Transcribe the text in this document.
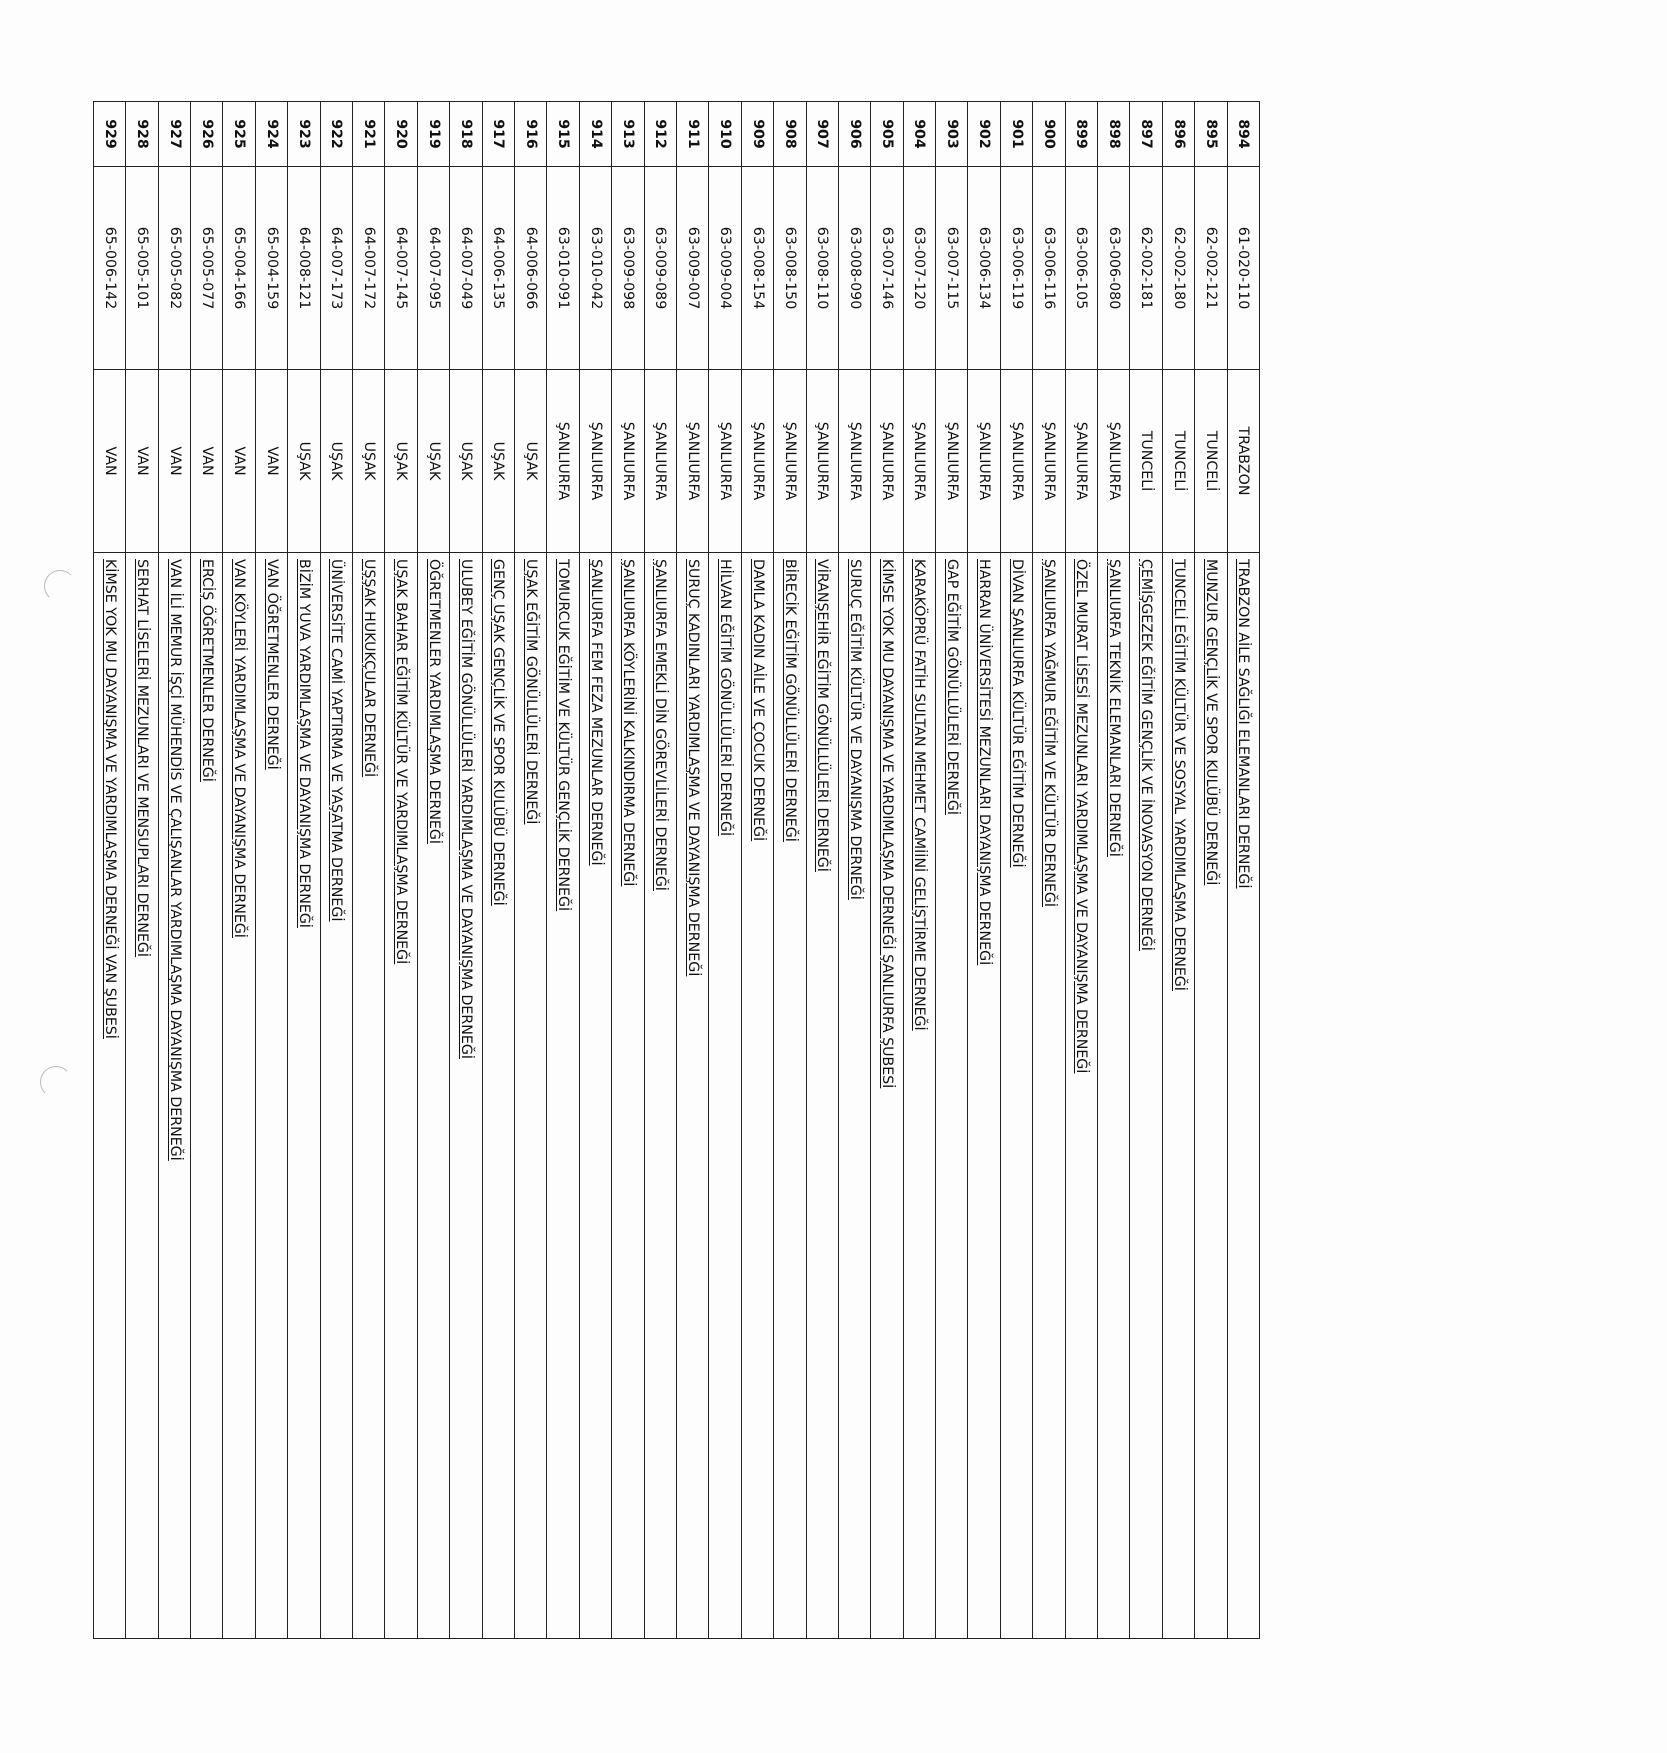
894	61-020-110	TRABZON	TRABZON AİLE SAĞLIĞI ELEMANLARI DERNEĞİ
895	62-002-121	TUNCELİ	MUNZUR GENÇLİK VE SPOR KULÜBÜ DERNEĞİ
896	62-002-180	TUNCELİ	TUNCELİ EĞİTİM KÜLTÜR VE SOSYAL YARDIMLAŞMA DERNEĞİ
897	62-002-181	TUNCELİ	ÇEMİŞGEZEK EĞİTİM GENÇLİK VE İNOVASYON DERNEĞİ
898	63-006-080	ŞANLIURFA	ŞANLIURFA TEKNİK ELEMANLARI DERNEĞİ
899	63-006-105	ŞANLIURFA	ÖZEL MURAT LİSESİ MEZUNLARI YARDIMLAŞMA VE DAYANIŞMA DERNEĞİ
900	63-006-116	ŞANLIURFA	ŞANLIURFA YAĞMUR EĞİTİM VE KÜLTÜR DERNEĞİ
901	63-006-119	ŞANLIURFA	DİVAN ŞANLIURFA KÜLTÜR EĞİTİM DERNEĞİ
902	63-006-134	ŞANLIURFA	HARRAN ÜNİVERSİTESİ MEZUNLARI DAYANIŞMA DERNEĞİ
903	63-007-115	ŞANLIURFA	GAP EĞİTİM GÖNÜLLÜLERİ DERNEĞİ
904	63-007-120	ŞANLIURFA	KARAKÖPRÜ FATİH SULTAN MEHMET CAMİİNİ GELİŞTİRME DERNEĞİ
905	63-007-146	ŞANLIURFA	KİMSE YOK MU DAYANIŞMA VE YARDIMLAŞMA DERNEĞİ ŞANLIURFA ŞUBESİ
906	63-008-090	ŞANLIURFA	SURUÇ EĞİTİM KÜLTÜR VE DAYANIŞMA DERNEĞİ
907	63-008-110	ŞANLIURFA	VİRANŞEHİR EĞİTİM GÖNÜLLÜLERİ DERNEĞİ
908	63-008-150	ŞANLIURFA	BİRECİK EĞİTİM GÖNÜLLÜLERİ DERNEĞİ
909	63-008-154	ŞANLIURFA	DAMLA KADIN AİLE VE ÇOCUK DERNEĞİ
910	63-009-004	ŞANLIURFA	HİLVAN EĞİTİM GÖNÜLLÜLERİ DERNEĞİ
911	63-009-007	ŞANLIURFA	SURUÇ KADINLARI YARDIMLAŞMA VE DAYANIŞMA DERNEĞİ
912	63-009-089	ŞANLIURFA	ŞANLIURFA EMEKLİ DİN GÖREVLİLERİ DERNEĞİ
913	63-009-098	ŞANLIURFA	ŞANLIURFA KÖYLERİNİ KALKINDIRMA DERNEĞİ
914	63-010-042	ŞANLIURFA	ŞANLIURFA FEM FEZA MEZUNLAR DERNEĞİ
915	63-010-091	ŞANLIURFA	TOMURCUK EĞİTİM VE KÜLTÜR GENÇLİK DERNEĞİ
916	64-006-066	UŞAK	UŞAK EĞİTİM GÖNÜLLÜLERİ DERNEĞİ
917	64-006-135	UŞAK	GENÇ UŞAK GENÇLİK VE SPOR KULÜBÜ DERNEĞİ
918	64-007-049	UŞAK	ULUBEY EĞİTİM GÖNÜLLÜLERİ YARDIMLAŞMA VE DAYANIŞMA DERNEĞİ
919	64-007-095	UŞAK	ÖĞRETMENLER YARDIMLAŞMA DERNEĞİ
920	64-007-145	UŞAK	UŞAK BAHAR EĞİTİM KÜLTÜR VE YARDIMLAŞMA DERNEĞİ
921	64-007-172	UŞAK	UŞŞAK HUKUKÇULAR DERNEĞİ
922	64-007-173	UŞAK	ÜNİVERSİTE CAMİ YAPTIRMA VE YAŞATMA DERNEĞİ
923	64-008-121	UŞAK	BİZİM YUVA YARDIMLAŞMA VE DAYANIŞMA DERNEĞİ
924	65-004-159	VAN	VAN ÖĞRETMENLER DERNEĞİ
925	65-004-166	VAN	VAN KÖYLERİ YARDIMLAŞMA VE DAYANIŞMA DERNEĞİ
926	65-005-077	VAN	ERCİŞ ÖĞRETMENLER DERNEĞİ
927	65-005-082	VAN	VAN İLİ MEMUR İŞÇİ MÜHENDİS VE ÇALIŞANLAR YARDIMLAŞMA DAYANIŞMA DERNEĞİ
928	65-005-101	VAN	SERHAT LİSELERİ MEZUNLARI VE MENSUPLARI DERNEĞİ
929	65-006-142	VAN	KİMSE YOK MU DAYANIŞMA VE YARDIMLAŞMA DERNEĞİ VAN ŞUBESİ
